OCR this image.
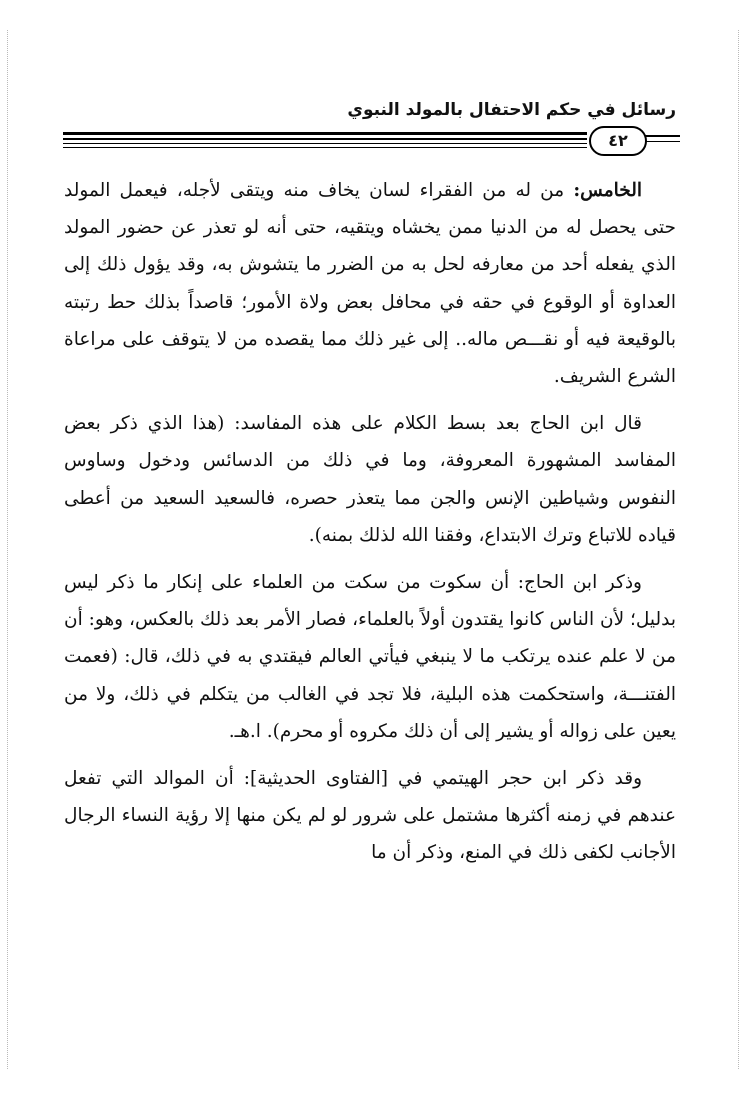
رسائل في حكم الاحتفال بالمولد النبوي
٤٢

الخامس: من له من الفقراء لسان يخاف منه ويتقى لأجله، فيعمل المولد حتى يحصل له من الدنيا ممن يخشاه ويتقيه، حتى أنه لو تعذر عن حضور المولد الذي يفعله أحد من معارفه لحل به من الضرر ما يتشوش به، وقد يؤول ذلك إلى العداوة أو الوقوع في حقه في محافل بعض ولاة الأمور؛ قاصداً بذلك حط رتبته بالوقيعة فيه أو نقـــص ماله.. إلى غير ذلك مما يقصده من لا يتوقف على مراعاة الشرع الشريف.

قال ابن الحاج بعد بسط الكلام على هذه المفاسد: (هذا الذي ذكر بعض المفاسد المشهورة المعروفة، وما في ذلك من الدسائس ودخول وساوس النفوس وشياطين الإنس والجن مما يتعذر حصره، فالسعيد السعيد من أعطى قياده للاتباع وترك الابتداع، وفقنا الله لذلك بمنه).

وذكر ابن الحاج: أن سكوت من سكت من العلماء على إنكار ما ذكر ليس بدليل؛ لأن الناس كانوا يقتدون أولاً بالعلماء، فصار الأمر بعد ذلك بالعكس، وهو: أن من لا علم عنده يرتكب ما لا ينبغي فيأتي العالم فيقتدي به في ذلك، قال: (فعمت الفتنـــة، واستحكمت هذه البلية، فلا تجد في الغالب من يتكلم في ذلك، ولا من يعين على زواله أو يشير إلى أن ذلك مكروه أو محرم). ا.هـ.

وقد ذكر ابن حجر الهيتمي في [الفتاوى الحديثية]: أن الموالد التي تفعل عندهم في زمنه أكثرها مشتمل على شرور لو لم يكن منها إلا رؤية النساء الرجال الأجانب لكفى ذلك في المنع، وذكر أن ما
